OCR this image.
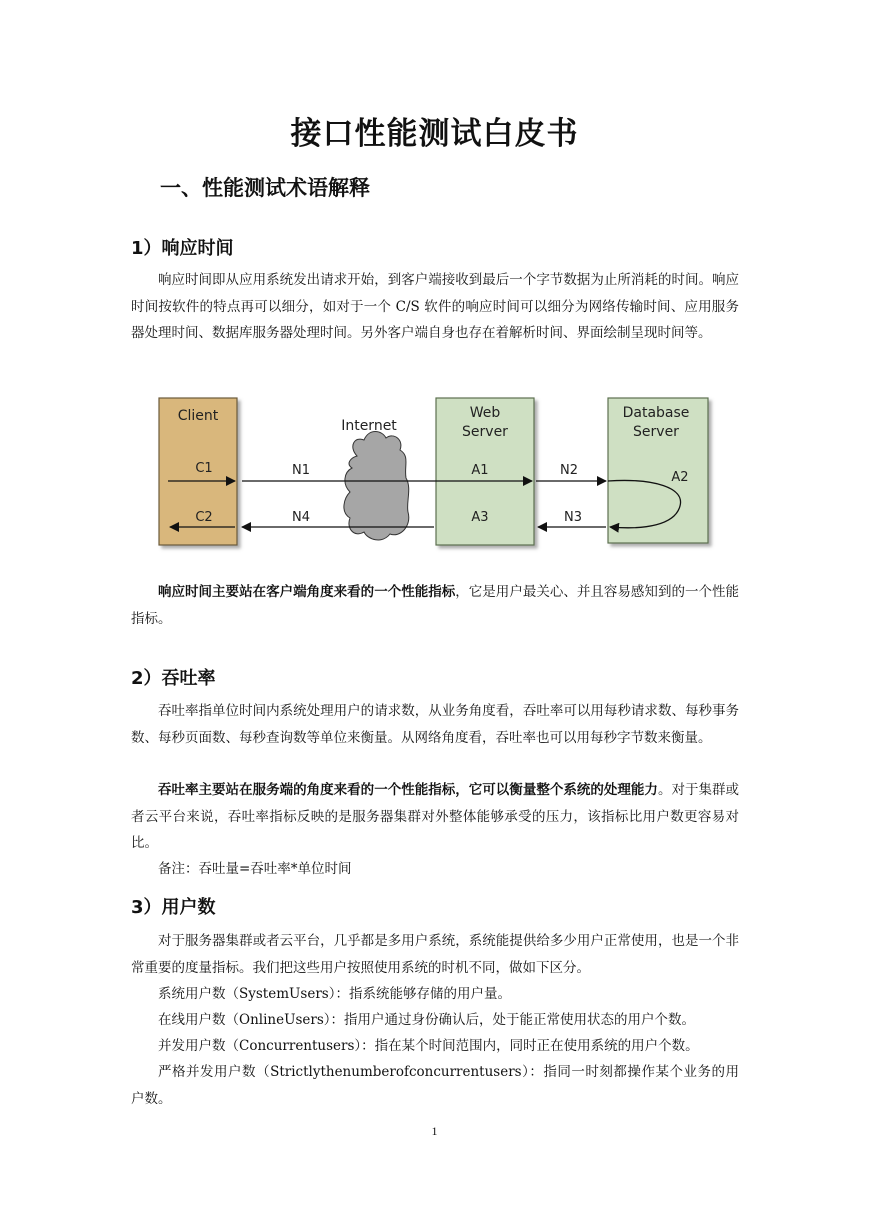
接口性能测试白皮书
一、性能测试术语解释
1）响应时间

响应时间即从应用系统发出请求开始，到客户端接收到最后一个字节数据为止所消耗的时间。响应时间按软件的特点再可以细分，如对于一个 C/S 软件的响应时间可以细分为网络传输时间、应用服务器处理时间、数据库服务器处理时间。另外客户端自身也存在着解析时间、界面绘制呈现时间等。

Client
C1
C2
Internet
Web
Server
A1
A3
Database
Server
A2
N1	N2
N3
N4

响应时间主要站在客户端角度来看的一个性能指标，它是用户最关心、并且容易感知到的一个性能指标。

2）吞吐率

吞吐率指单位时间内系统处理用户的请求数，从业务角度看，吞吐率可以用每秒请求数、每秒事务数、每秒页面数、每秒查询数等单位来衡量。从网络角度看，吞吐率也可以用每秒字节数来衡量。

吞吐率主要站在服务端的角度来看的一个性能指标，它可以衡量整个系统的处理能力。对于集群或者云平台来说，吞吐率指标反映的是服务器集群对外整体能够承受的压力，该指标比用户数更容易对比。

备注：吞吐量=吞吐率*单位时间

3）用户数

对于服务器集群或者云平台，几乎都是多用户系统，系统能提供给多少用户正常使用，也是一个非常重要的度量指标。我们把这些用户按照使用系统的时机不同，做如下区分。

系统用户数（SystemUsers）：指系统能够存储的用户量。

在线用户数（OnlineUsers）：指用户通过身份确认后，处于能正常使用状态的用户个数。

并发用户数（Concurrentusers）：指在某个时间范围内，同时正在使用系统的用户个数。

严格并发用户数（Strictlythenumberofconcurrentusers）：指同一时刻都操作某个业务的用户数。

1
